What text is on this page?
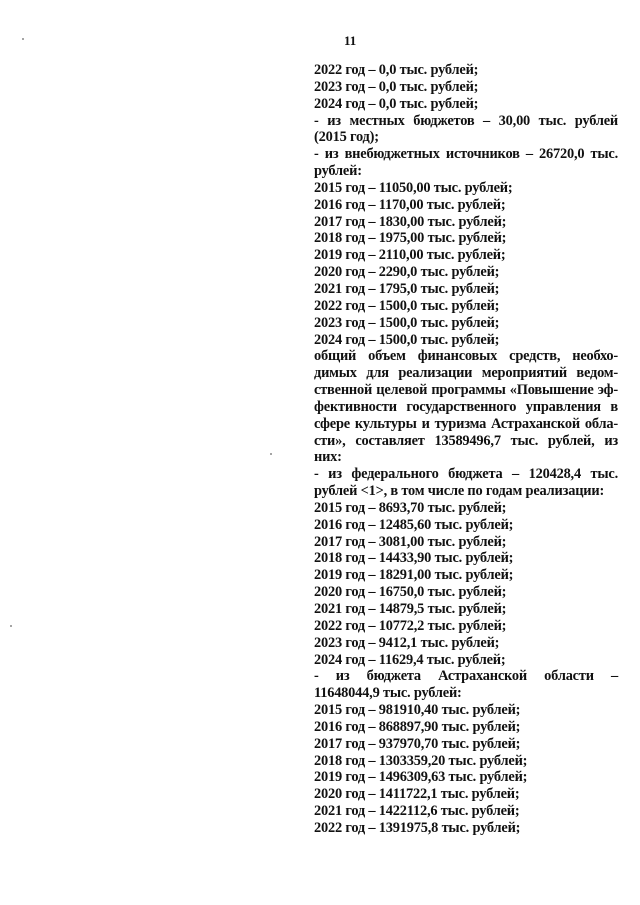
11
2022 год – 0,0 тыс. рублей;
2023 год – 0,0 тыс. рублей;
2024 год – 0,0 тыс. рублей;
- из местных бюджетов – 30,00 тыс. рублей
(2015 год);
- из внебюджетных источников – 26720,0 тыс.
рублей:
2015 год – 11050,00 тыс. рублей;
2016 год – 1170,00 тыс. рублей;
2017 год – 1830,00 тыс. рублей;
2018 год – 1975,00 тыс. рублей;
2019 год – 2110,00 тыс. рублей;
2020 год – 2290,0 тыс. рублей;
2021 год – 1795,0 тыс. рублей;
2022 год – 1500,0 тыс. рублей;
2023 год – 1500,0 тыс. рублей;
2024 год – 1500,0 тыс. рублей;
общий объем финансовых средств, необхо-
димых для реализации мероприятий ведом-
ственной целевой программы «Повышение эф-
фективности государственного управления в
сфере культуры и туризма Астраханской обла-
сти», составляет 13589496,7 тыс. рублей, из
них:
- из федерального бюджета – 120428,4 тыс.
рублей <1>, в том числе по годам реализации:
2015 год – 8693,70 тыс. рублей;
2016 год – 12485,60 тыс. рублей;
2017 год – 3081,00 тыс. рублей;
2018 год – 14433,90 тыс. рублей;
2019 год – 18291,00 тыс. рублей;
2020 год – 16750,0 тыс. рублей;
2021 год – 14879,5 тыс. рублей;
2022 год – 10772,2 тыс. рублей;
2023 год – 9412,1 тыс. рублей;
2024 год – 11629,4 тыс. рублей;
- из бюджета Астраханской области –
11648044,9 тыс. рублей:
2015 год – 981910,40 тыс. рублей;
2016 год – 868897,90 тыс. рублей;
2017 год – 937970,70 тыс. рублей;
2018 год – 1303359,20 тыс. рублей;
2019 год – 1496309,63 тыс. рублей;
2020 год – 1411722,1 тыс. рублей;
2021 год – 1422112,6 тыс. рублей;
2022 год – 1391975,8 тыс. рублей;
